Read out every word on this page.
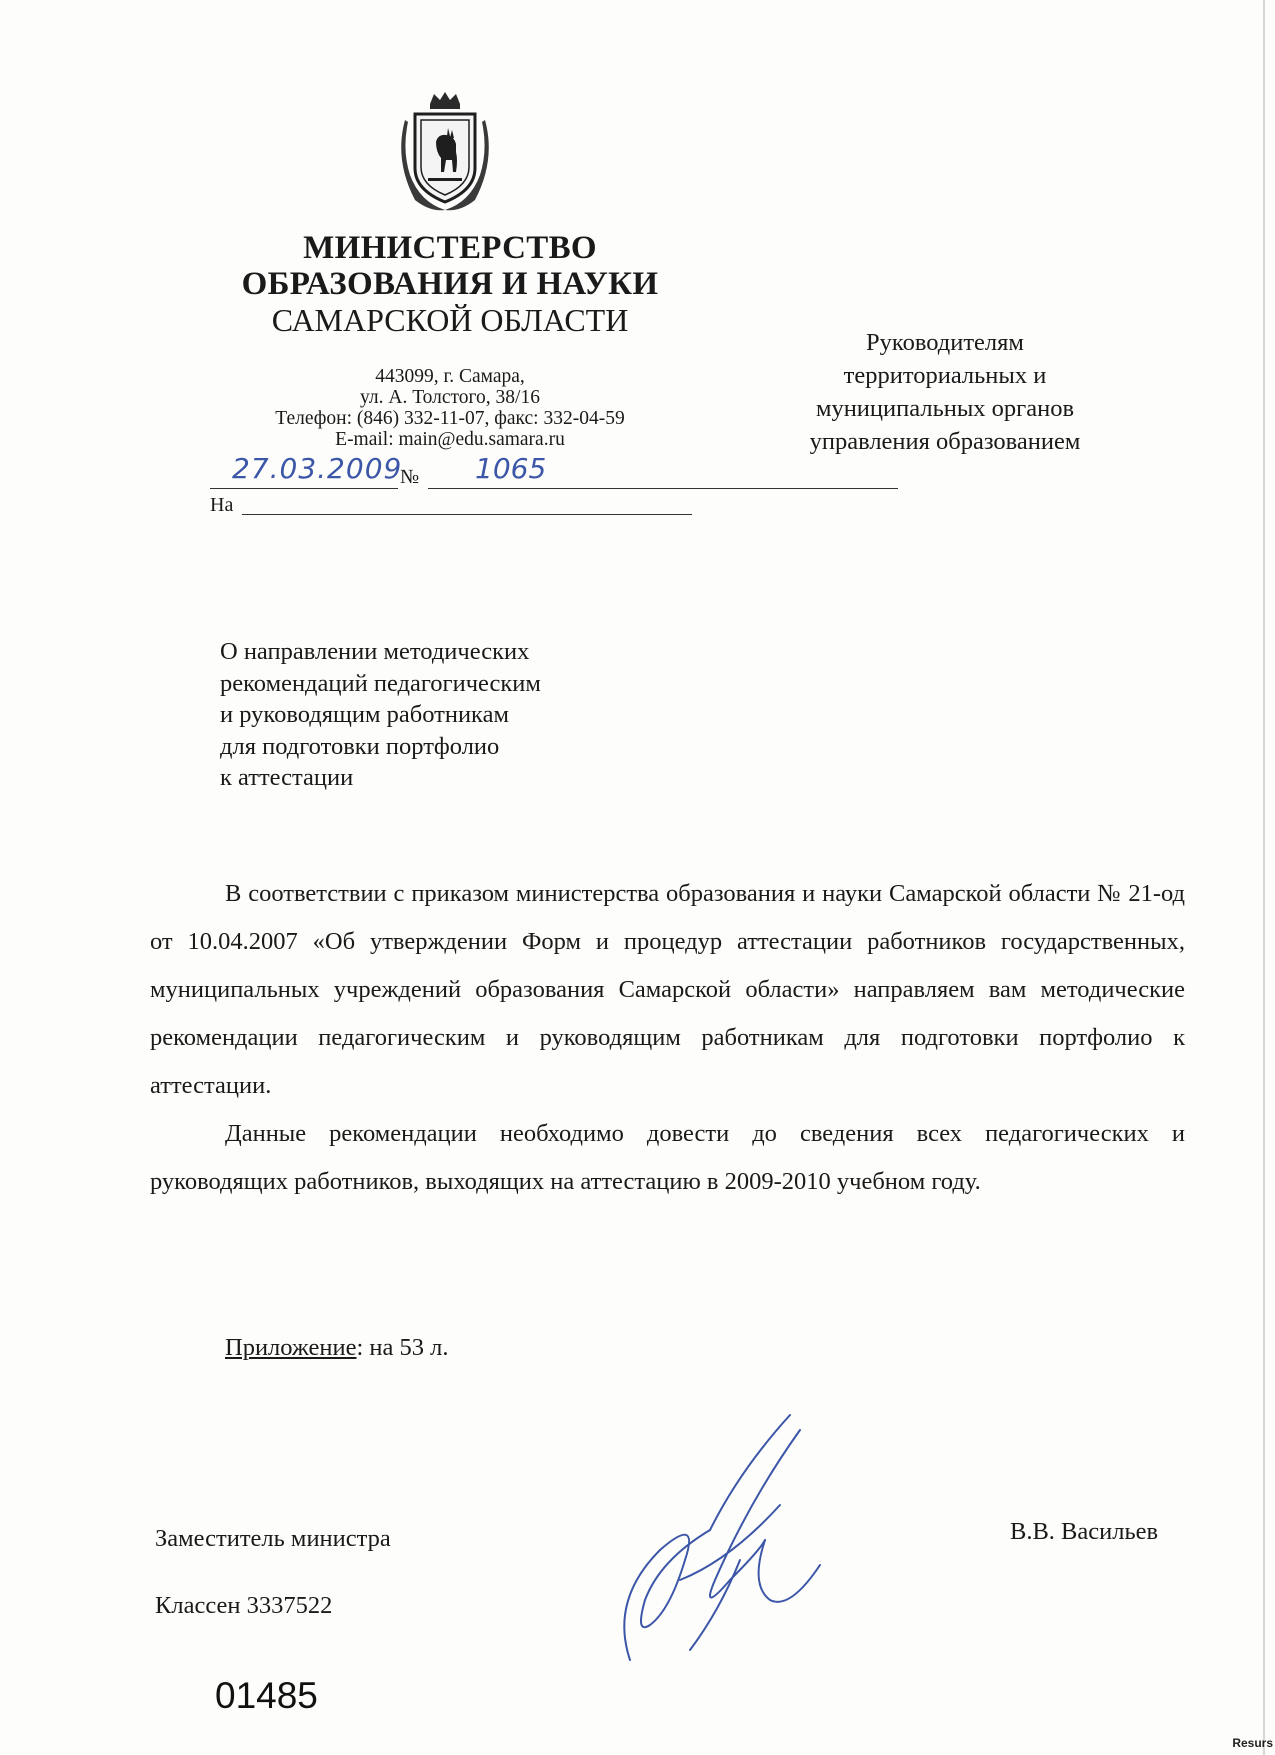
МИНИСТЕРСТВО
ОБРАЗОВАНИЯ И НАУКИ
САМАРСКОЙ ОБЛАСТИ
443099, г. Самара,
ул. А. Толстого, 38/16
Телефон: (846) 332-11-07, факс: 332-04-59
E-mail: main@edu.samara.ru
27.03.2009
№ 1065
На
Руководителям
территориальных и
муниципальных органов
управления образованием
О направлении методических
рекомендаций педагогическим
и руководящим работникам
для подготовки портфолио
к аттестации

В соответствии с приказом министерства образования и науки Самарской области № 21-од от 10.04.2007 «Об утверждении Форм и процедур аттестации работников государственных, муниципальных учреждений образования Самарской области» направляем вам методические рекомендации педагогическим и руководящим работникам для подготовки портфолио к аттестации.

Данные рекомендации необходимо довести до сведения всех педагогических и руководящих работников, выходящих на аттестацию в 2009-2010 учебном году.

Приложение: на 53 л.
Заместитель министра	В.В. Васильев
Классен 3337522
01485
Resurs
